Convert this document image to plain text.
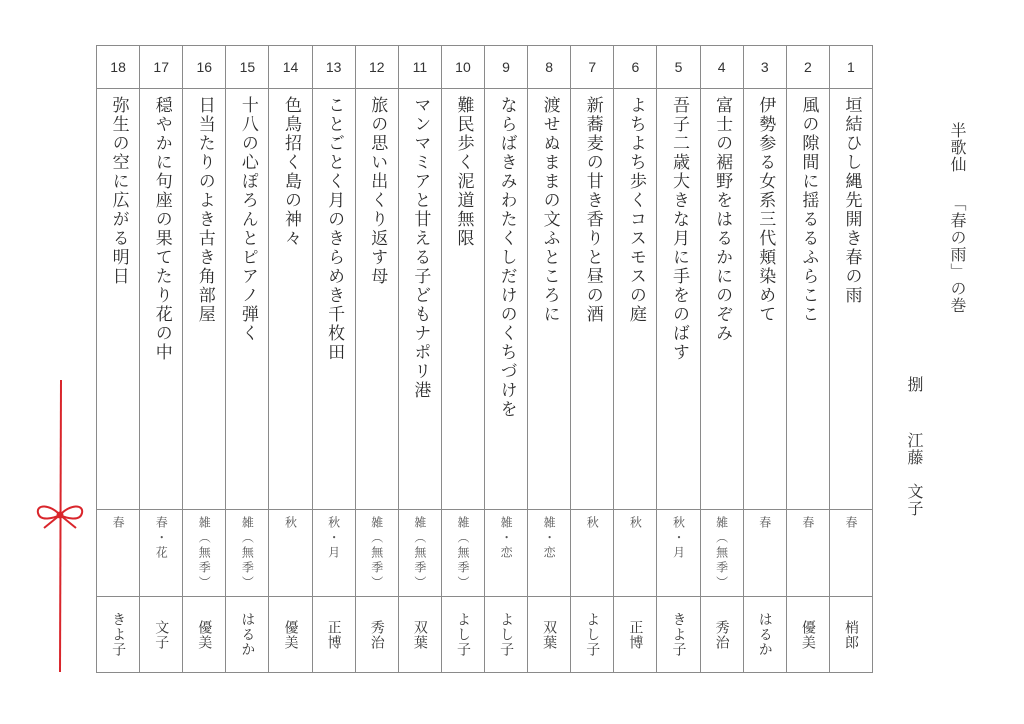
半歌仙「春の雨」の巻
捌
江藤　文子
1
垣結ひし縄先開き春の雨
春
梢郎
2
風の隙間に揺るるふらここ
春
優美
3
伊勢参る女系三代頬染めて
春
はるか
4
富士の裾野をはるかにのぞみ
雑（無季）
秀治
5
吾子二歳大きな月に手をのばす
秋・月
きよ子
6
よちよち歩くコスモスの庭
秋
正博
7
新蕎麦の甘き香りと昼の酒
秋
よし子
8
渡せぬままの文ふところに
雑・恋
双葉
9
ならばきみわたくしだけのくちづけを
雑・恋
よし子
10
難民歩く泥道無限
雑（無季）
よし子
11
マンマミアと甘える子どもナポリ港
雑（無季）
双葉
12
旅の思い出くり返す母
雑（無季）
秀治
13
ことごとく月のきらめき千枚田
秋・月
正博
14
色鳥招く島の神々
秋
優美
15
十八の心ぽろんとピアノ弾く
雑（無季）
はるか
16
日当たりのよき古き角部屋
雑（無季）
優美
17
穏やかに句座の果てたり花の中
春・花
文子
18
弥生の空に広がる明日
春
きよ子
